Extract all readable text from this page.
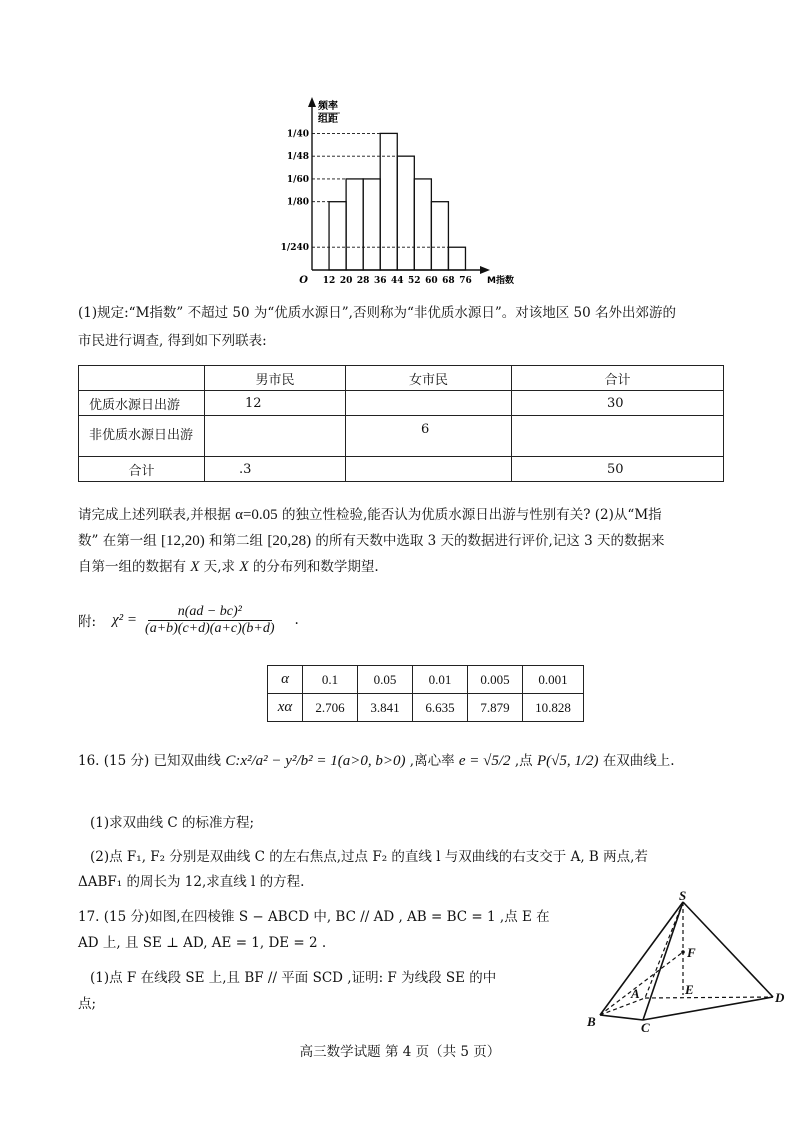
频率
组距
O	M指数
1/80
1/60
1/40
1/48
1/240
12 20 28 36 44 52 60 68 76
(1)规定:“M指数” 不超过 50 为“优质水源日”,否则称为“非优质水源日”。对该地区 50 名外出郊游的
市民进行调查, 得到如下列联表:
	男市民	女市民	合计
优质水源日出游	12		30
非优质水源日出游		6	
合计	.3		50
请完成上述列联表,并根据 α=0.05 的独立性检验,能否认为优质水源日出游与性别有关? (2)从“M指
数” 在第一组 [12,20) 和第二组 [20,28) 的所有天数中选取 3 天的数据进行评价,记这 3 天的数据来
自第一组的数据有 X 天,求 X 的分布列和数学期望.
附: $\chi^2 = \frac{\text{n(ad − bc)²}}{(a+b)(c+d)(a+c)(b+d)}$ .
α	0.1	0.05	0.01	0.005	0.001
xα	2.706	3.841	6.635	7.879	10.828
16. (15 分) 已知双曲线 C:x²/a² − y²/b² = 1(a>0, b>0) ,离心率 e = √5/2 ,点 P(√5, 1/2) 在双曲线上.
(1)求双曲线 C 的标准方程;
(2)点 F₁, F₂ 分别是双曲线 C 的左右焦点,过点 F₂ 的直线 l 与双曲线的右支交于 A, B 两点,若
ΔABF₁ 的周长为 12,求直线 l 的方程.
17. (15 分)如图,在四棱锥 S − ABCD 中, BC // AD , AB = BC = 1 ,点 E 在
AD 上, 且 SE ⊥ AD, AE = 1, DE = 2 .
(1)点 F 在线段 SE 上,且 BF // 平面 SCD ,证明: F 为线段 SE 的中
点;
S
F
A	E
D
B	C
高三数学试题 第 4 页（共 5 页）
